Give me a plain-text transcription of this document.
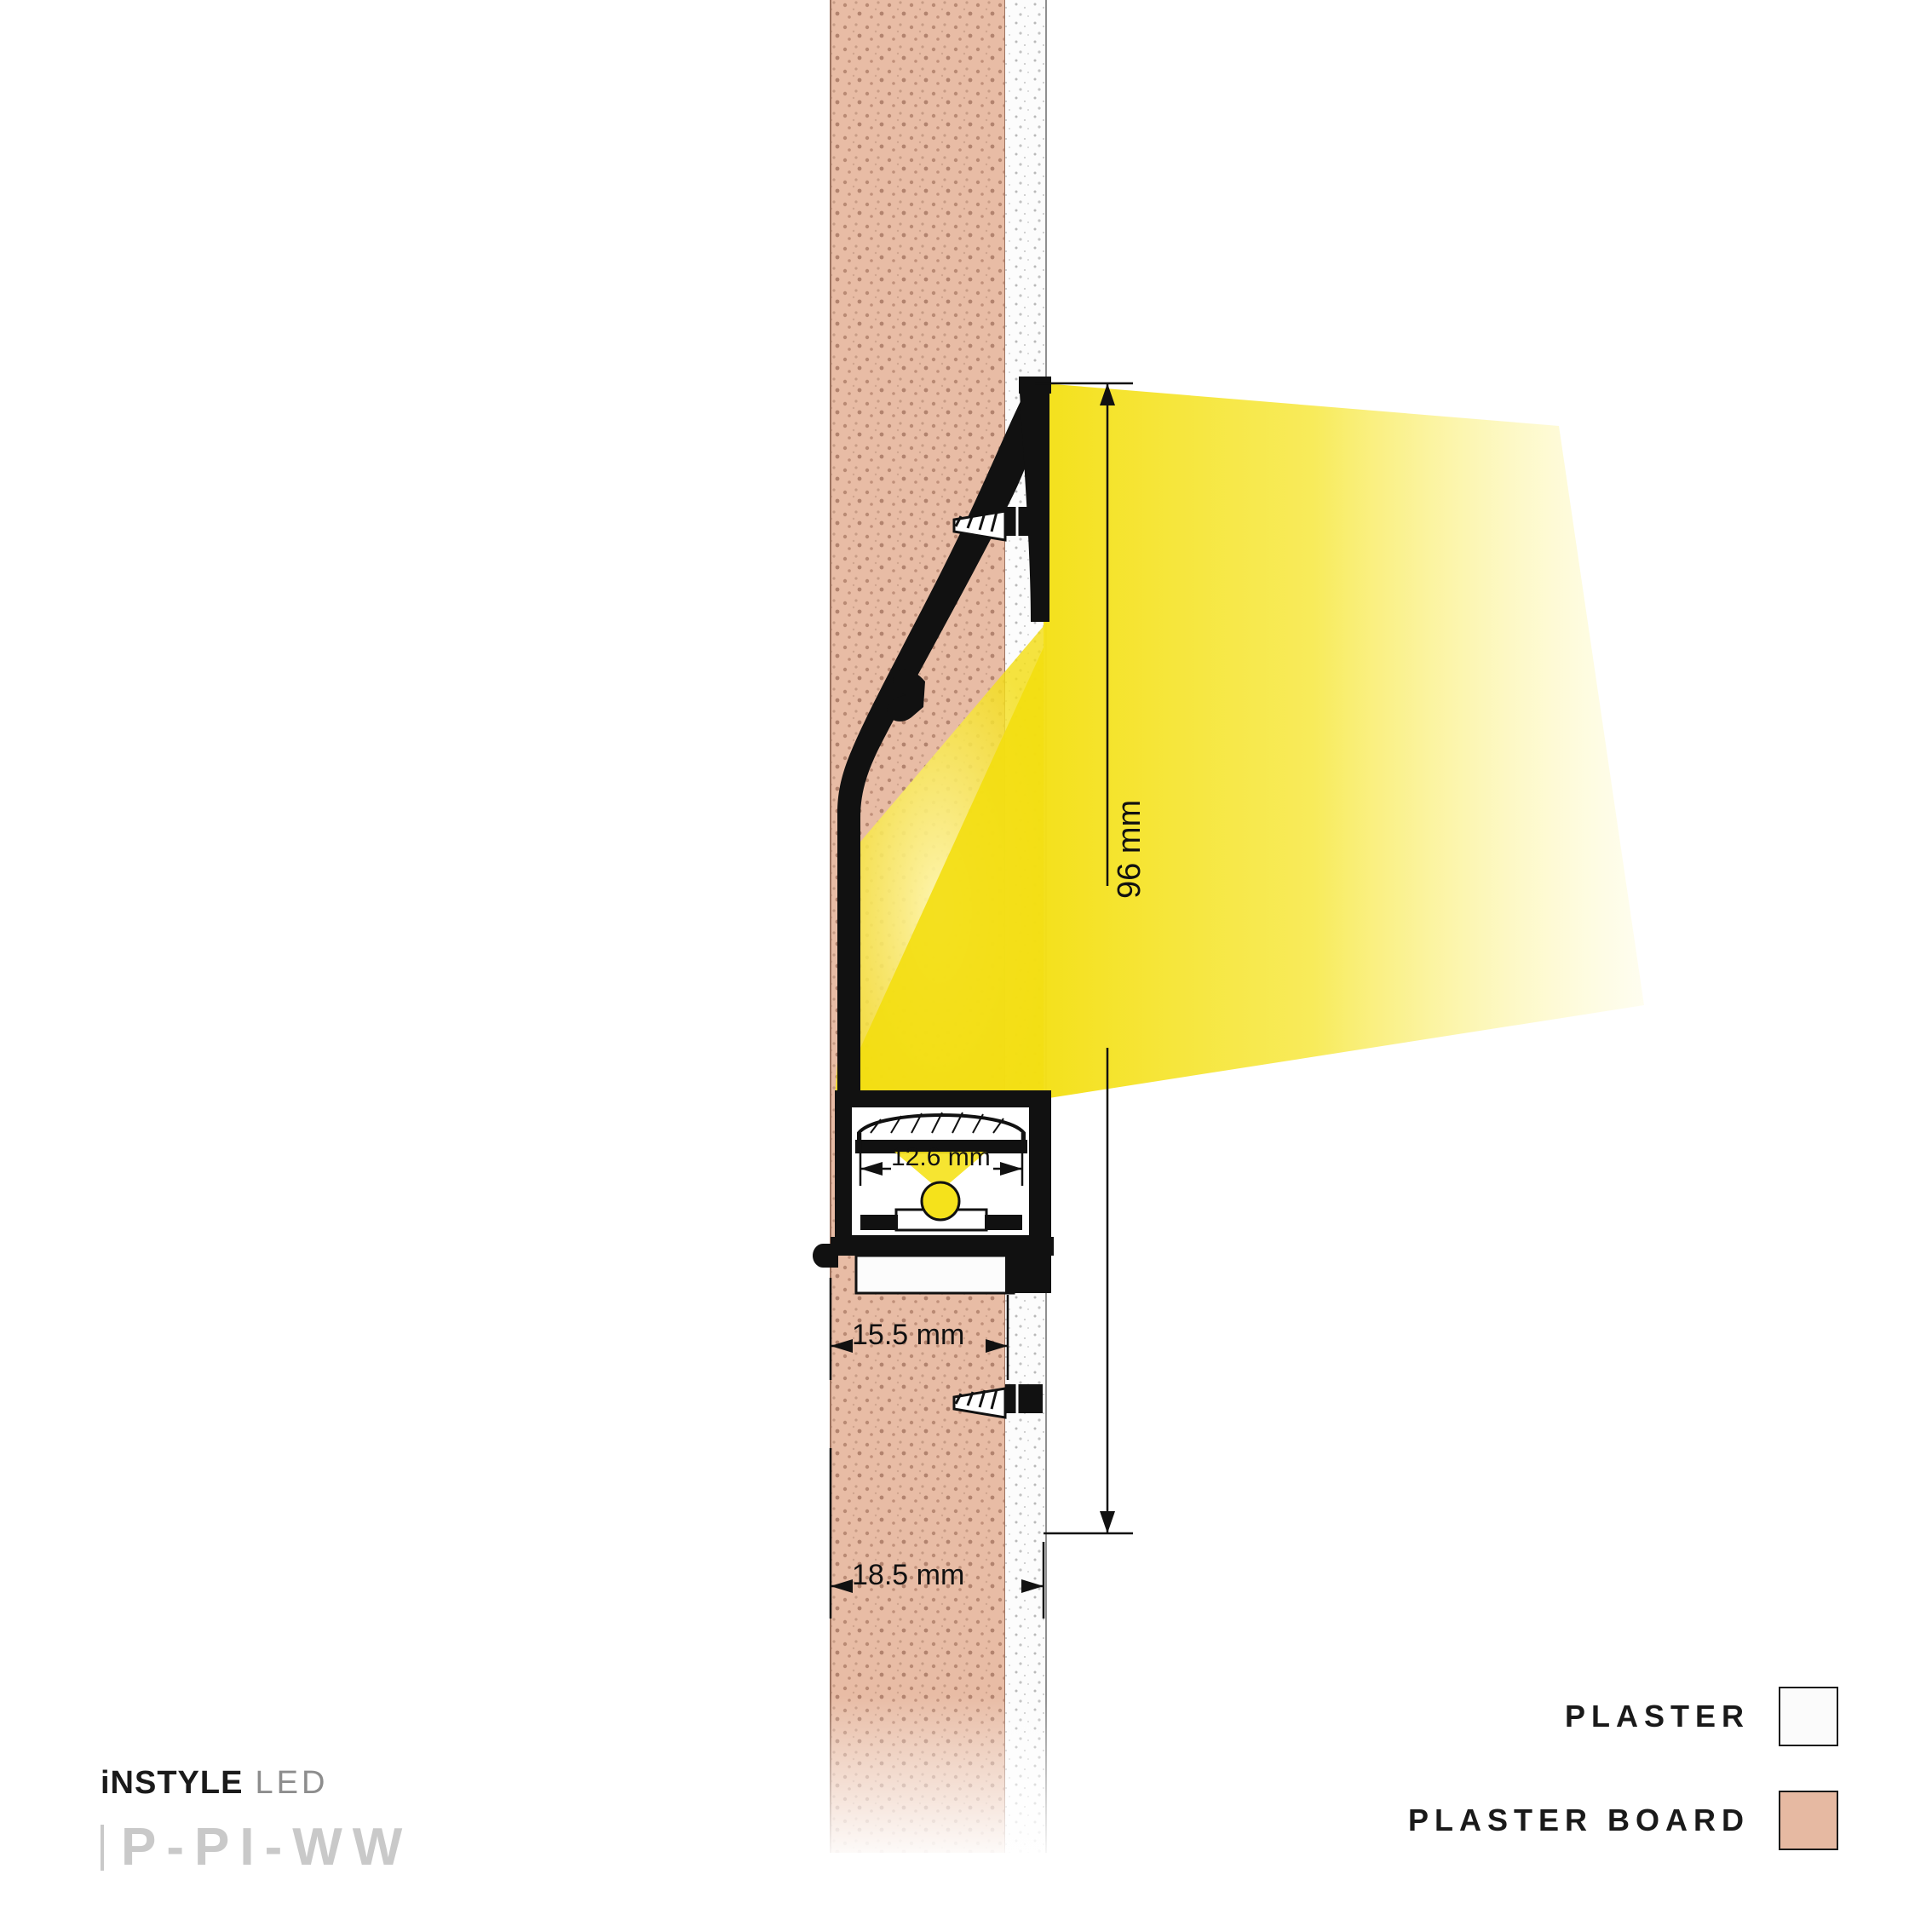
96 mm
12.6 mm
15.5 mm
18.5 mm
PLASTER
PLASTER BOARD
iNSTYLE LED
P-PI-WW
